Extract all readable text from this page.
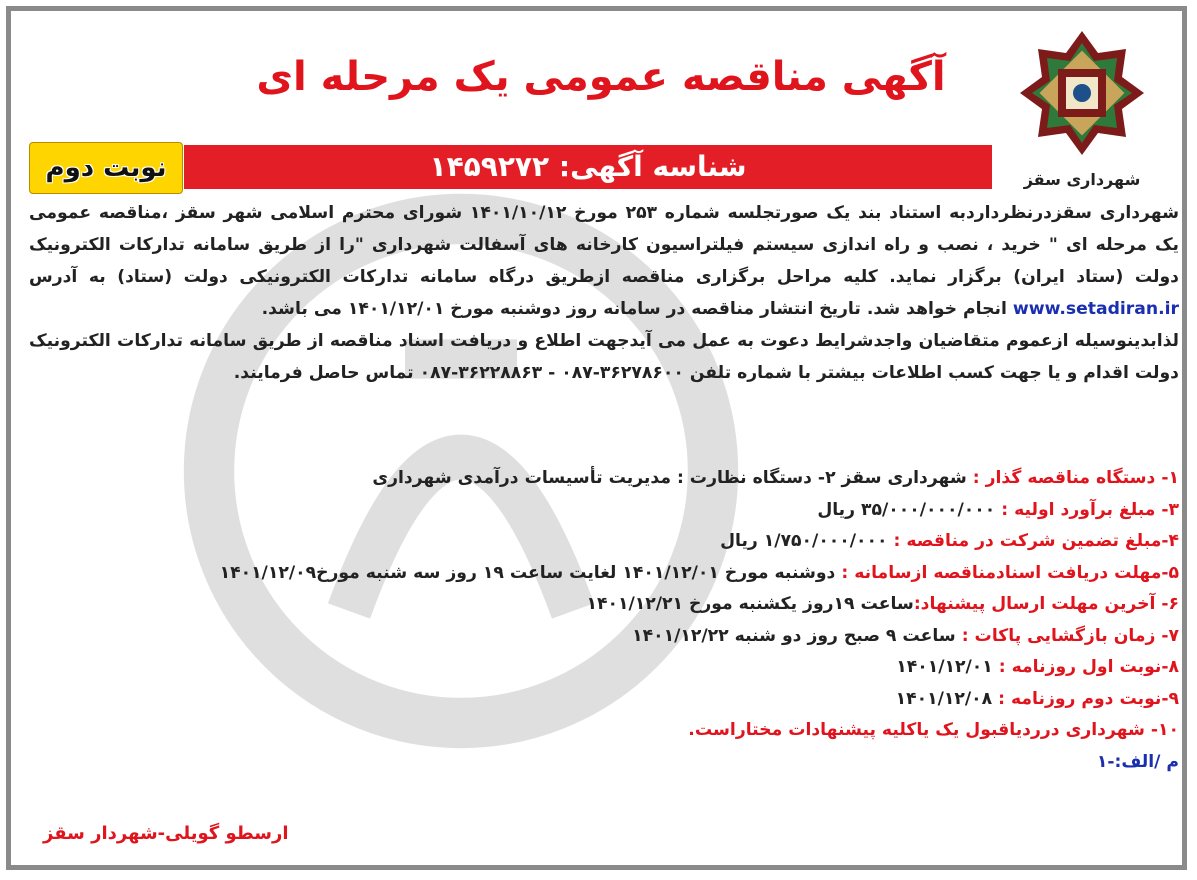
آگهی مناقصه عمومی یک مرحله ای
شهرداری سقز
شناسه آگهی: ۱۴۵۹۲۷۲
نوبت دوم

شهرداری سقزدرنظرداردبه استناد بند یک صورتجلسه شماره ۲۵۳ مورخ ۱۴۰۱/۱۰/۱۲ شورای محترم اسلامی شهر سقز ،مناقصه عمومی یک مرحله ای " خرید ، نصب و راه اندازی سیستم فیلتراسیون کارخانه های آسفالت شهرداری "را از طریق سامانه تدارکات الکترونیک دولت (ستاد ایران) برگزار نماید. کلیه مراحل برگزاری مناقصه ازطریق درگاه سامانه تدارکات الکترونیکی دولت (ستاد) به آدرس www.setadiran.ir انجام خواهد شد. تاریخ انتشار مناقصه در سامانه روز دوشنبه مورخ ۱۴۰۱/۱۲/۰۱ می باشد.

لذابدینوسیله ازعموم متقاضیان واجدشرایط دعوت به عمل می آیدجهت اطلاع و دریافت اسناد مناقصه از طریق سامانه تدارکات الکترونیک دولت اقدام و یا جهت کسب اطلاعات بیشتر با شماره تلفن ۳۶۲۷۸۶۰۰-۰۸۷ - ۳۶۲۲۸۸۶۳-۰۸۷ تماس حاصل فرمایند.

۱- دستگاه مناقصه گذار : شهرداری سقز ۲- دستگاه نظارت : مدیریت تأسیسات درآمدی شهرداری
۳- مبلغ برآورد اولیه : ۳۵/۰۰۰/۰۰۰/۰۰۰ ریال
۴-مبلغ تضمین شرکت در مناقصه : ۱/۷۵۰/۰۰۰/۰۰۰ ریال
۵-مهلت دریافت اسنادمناقصه ازسامانه : دوشنبه مورخ ۱۴۰۱/۱۲/۰۱ لغایت ساعت ۱۹ روز سه شنبه مورخ۱۴۰۱/۱۲/۰۹
۶- آخرین مهلت ارسال پیشنهاد:ساعت ۱۹روز یکشنبه مورخ ۱۴۰۱/۱۲/۲۱
۷- زمان بازگشایی پاکات : ساعت ۹ صبح روز دو شنبه ۱۴۰۱/۱۲/۲۲
۸-نوبت اول روزنامه : ۱۴۰۱/۱۲/۰۱
۹-نوبت دوم روزنامه : ۱۴۰۱/۱۲/۰۸
۱۰- شهرداری درردیاقبول یک یاکلیه پیشنهادات مختاراست.
م /الف:-۱
ارسطو گویلی-شهردار سقز
